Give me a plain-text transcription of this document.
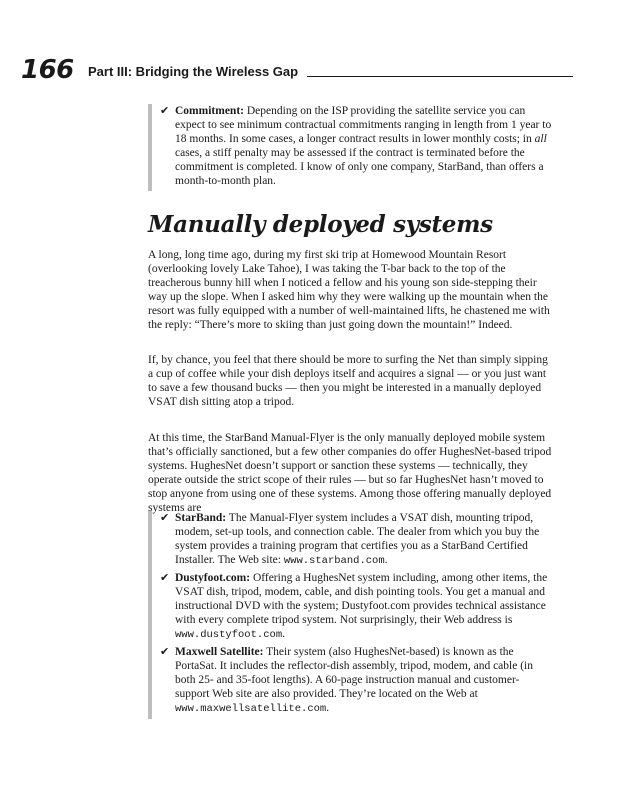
166 Part III: Bridging the Wireless Gap
✔ Commitment: Depending on the ISP providing the satellite service you can expect to see minimum contractual commitments ranging in length from 1 year to 18 months. In some cases, a longer contract results in lower monthly costs; in all cases, a stiff penalty may be assessed if the contract is terminated before the commitment is completed. I know of only one company, StarBand, than offers a month-to-month plan.
Manually deployed systems

A long, long time ago, during my first ski trip at Homewood Mountain Resort (overlooking lovely Lake Tahoe), I was taking the T-bar back to the top of the treacherous bunny hill when I noticed a fellow and his young son side-stepping their way up the slope. When I asked him why they were walking up the mountain when the resort was fully equipped with a number of well-maintained lifts, he chastened me with the reply: “There’s more to skiing than just going down the mountain!” Indeed.

If, by chance, you feel that there should be more to surfing the Net than simply sipping a cup of coffee while your dish deploys itself and acquires a signal — or you just want to save a few thousand bucks — then you might be interested in a manually deployed VSAT dish sitting atop a tripod.

At this time, the StarBand Manual-Flyer is the only manually deployed mobile system that’s officially sanctioned, but a few other companies do offer HughesNet-based tripod systems. HughesNet doesn’t support or sanction these systems — technically, they operate outside the strict scope of their rules — but so far HughesNet hasn’t moved to stop anyone from using one of these systems. Among those offering manually deployed systems are

✔ StarBand: The Manual-Flyer system includes a VSAT dish, mounting tripod, modem, set-up tools, and connection cable. The dealer from which you buy the system provides a training program that certifies you as a StarBand Certified Installer. The Web site: www.starband.com.
✔ Dustyfoot.com: Offering a HughesNet system including, among other items, the VSAT dish, tripod, modem, cable, and dish pointing tools. You get a manual and instructional DVD with the system; Dustyfoot.com provides technical assistance with every complete tripod system. Not surprisingly, their Web address is www.dustyfoot.com.
✔ Maxwell Satellite: Their system (also HughesNet-based) is known as the PortaSat. It includes the reflector-dish assembly, tripod, modem, and cable (in both 25- and 35-foot lengths). A 60-page instruction manual and customer-support Web site are also provided. They’re located on the Web at www.maxwellsatellite.com.
